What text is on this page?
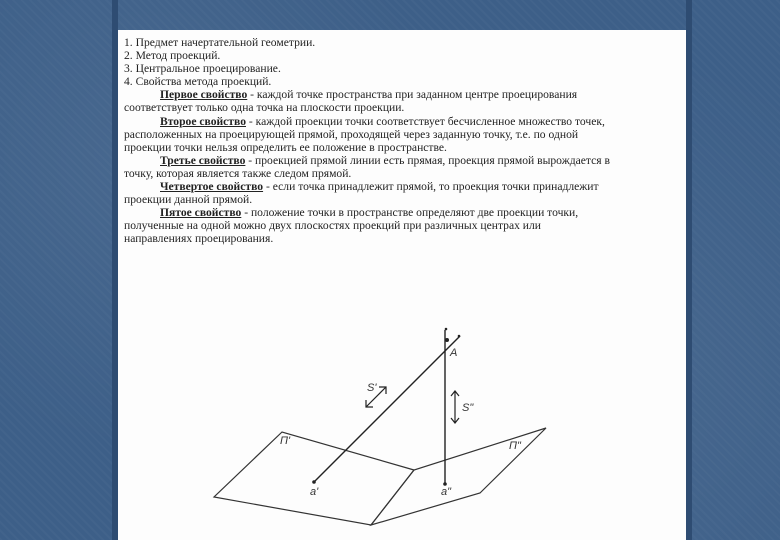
1. Предмет начертательной геометрии.
2. Метод проекций.
3. Центральное проецирование.
4. Свойства метода проекций.
Первое свойство - каждой точке пространства при заданном центре проецирования
соответствует только одна точка на плоскости проекции.
Второе свойство - каждой проекции точки соответствует бесчисленное множество точек,
расположенных на проецирующей прямой, проходящей через заданную точку, т.е. по одной
проекции точки нельзя определить ее положение в пространстве.
Третье свойство - проекцией прямой линии есть прямая, проекция прямой вырождается в
точку, которая является также следом прямой.
Четвертое свойство - если точка принадлежит прямой, то проекция точки принадлежит
проекции данной прямой.
Пятое свойство - положение точки в пространстве определяют две проекции точки,
полученные на одной можно двух плоскостях проекций при различных центрах или
направлениях проецирования.
A
S'
S"
П'	П"
a'	a"
